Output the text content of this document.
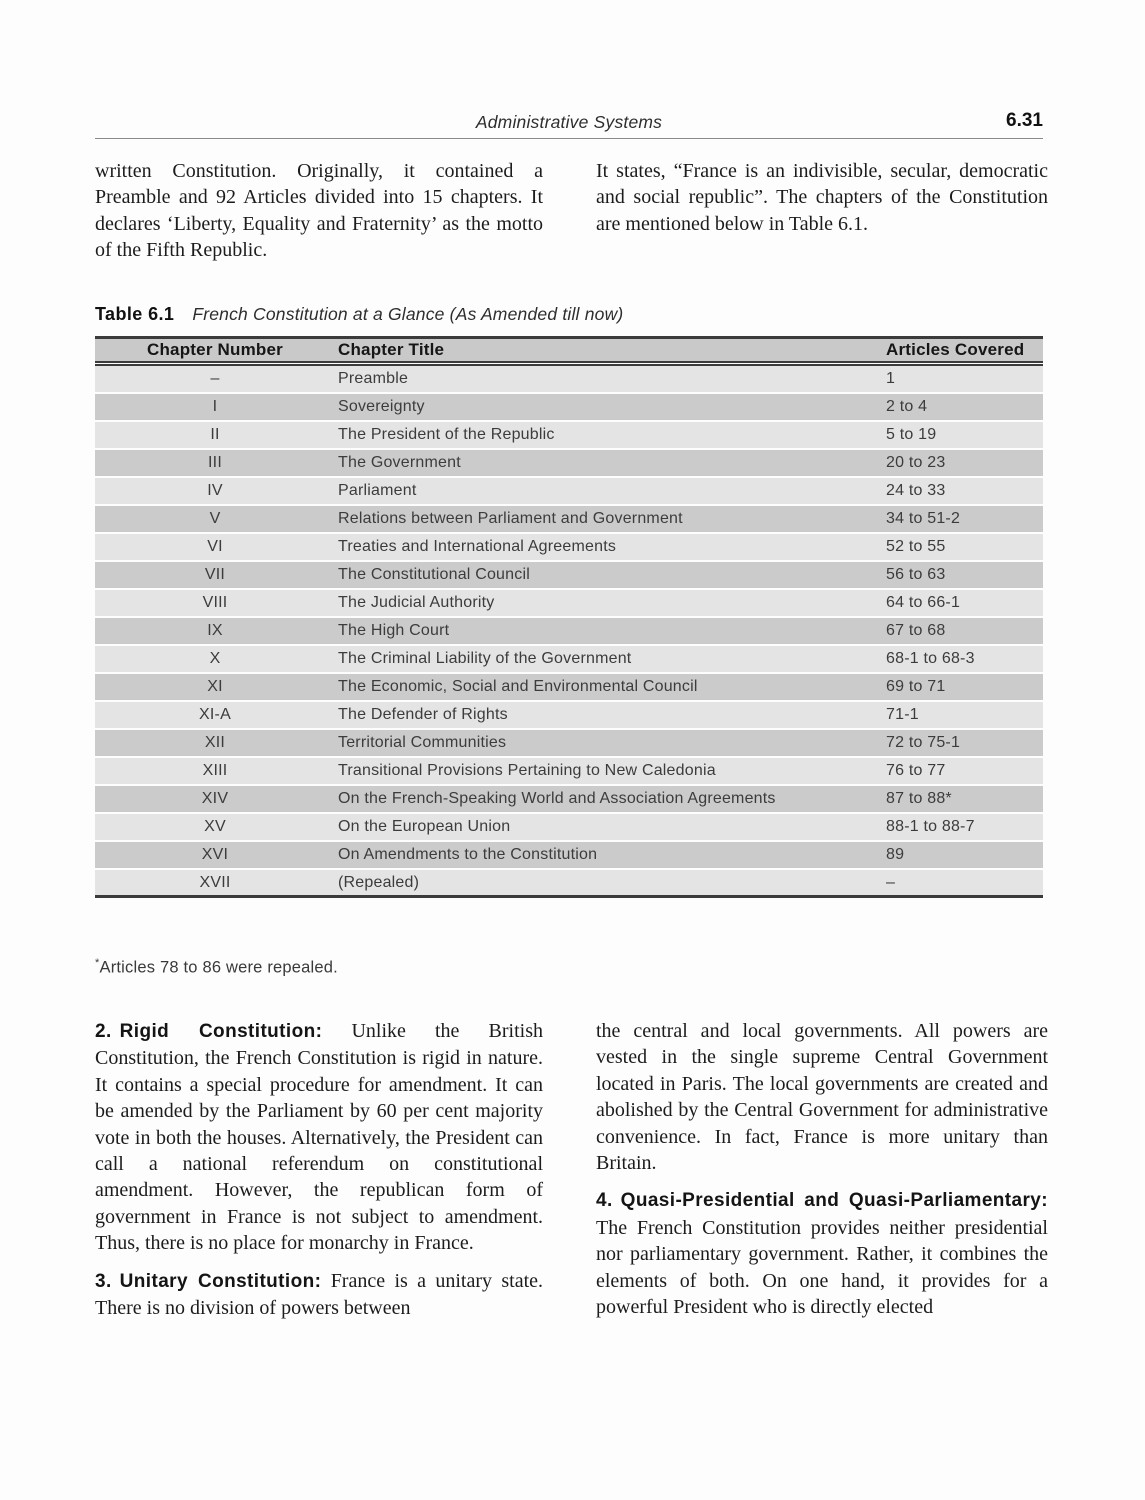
Administrative Systems	6.31

written Constitution. Originally, it contained a Preamble and 92 Articles divided into 15 chapters. It declares ‘Liberty, Equality and Fraternity’ as the motto of the Fifth Republic.

It states, “France is an indivisible, secular, democratic and social republic”. The chapters of the Constitution are mentioned below in Table 6.1.

Table 6.1 French Constitution at a Glance (As Amended till now)
Chapter Number	Chapter Title	Articles Covered
–	Preamble	1
I	Sovereignty	2 to 4
II	The President of the Republic	5 to 19
III	The Government	20 to 23
IV	Parliament	24 to 33
V	Relations between Parliament and Government	34 to 51-2
VI	Treaties and International Agreements	52 to 55
VII	The Constitutional Council	56 to 63
VIII	The Judicial Authority	64 to 66-1
IX	The High Court	67 to 68
X	The Criminal Liability of the Government	68-1 to 68-3
XI	The Economic, Social and Environmental Council	69 to 71
XI-A	The Defender of Rights	71-1
XII	Territorial Communities	72 to 75-1
XIII	Transitional Provisions Pertaining to New Caledonia	76 to 77
XIV	On the French-Speaking World and Association Agreements	87 to 88*
XV	On the European Union	88-1 to 88-7
XVI	On Amendments to the Constitution	89
XVII	(Repealed)	–
*Articles 78 to 86 were repealed.

2. Rigid Constitution: Unlike the British Constitution, the French Constitution is rigid in nature. It contains a special procedure for amendment. It can be amended by the Parliament by 60 per cent majority vote in both the houses. Alternatively, the President can call a national referendum on constitutional amendment. However, the republican form of government in France is not subject to amendment. Thus, there is no place for monarchy in France.

3. Unitary Constitution: France is a unitary state. There is no division of powers between

the central and local governments. All powers are vested in the single supreme Central Government located in Paris. The local governments are created and abolished by the Central Government for administrative convenience. In fact, France is more unitary than Britain.

4. Quasi-Presidential and Quasi-Parliamentary: The French Constitution provides neither presidential nor parliamentary government. Rather, it combines the elements of both. On one hand, it provides for a powerful President who is directly elected
